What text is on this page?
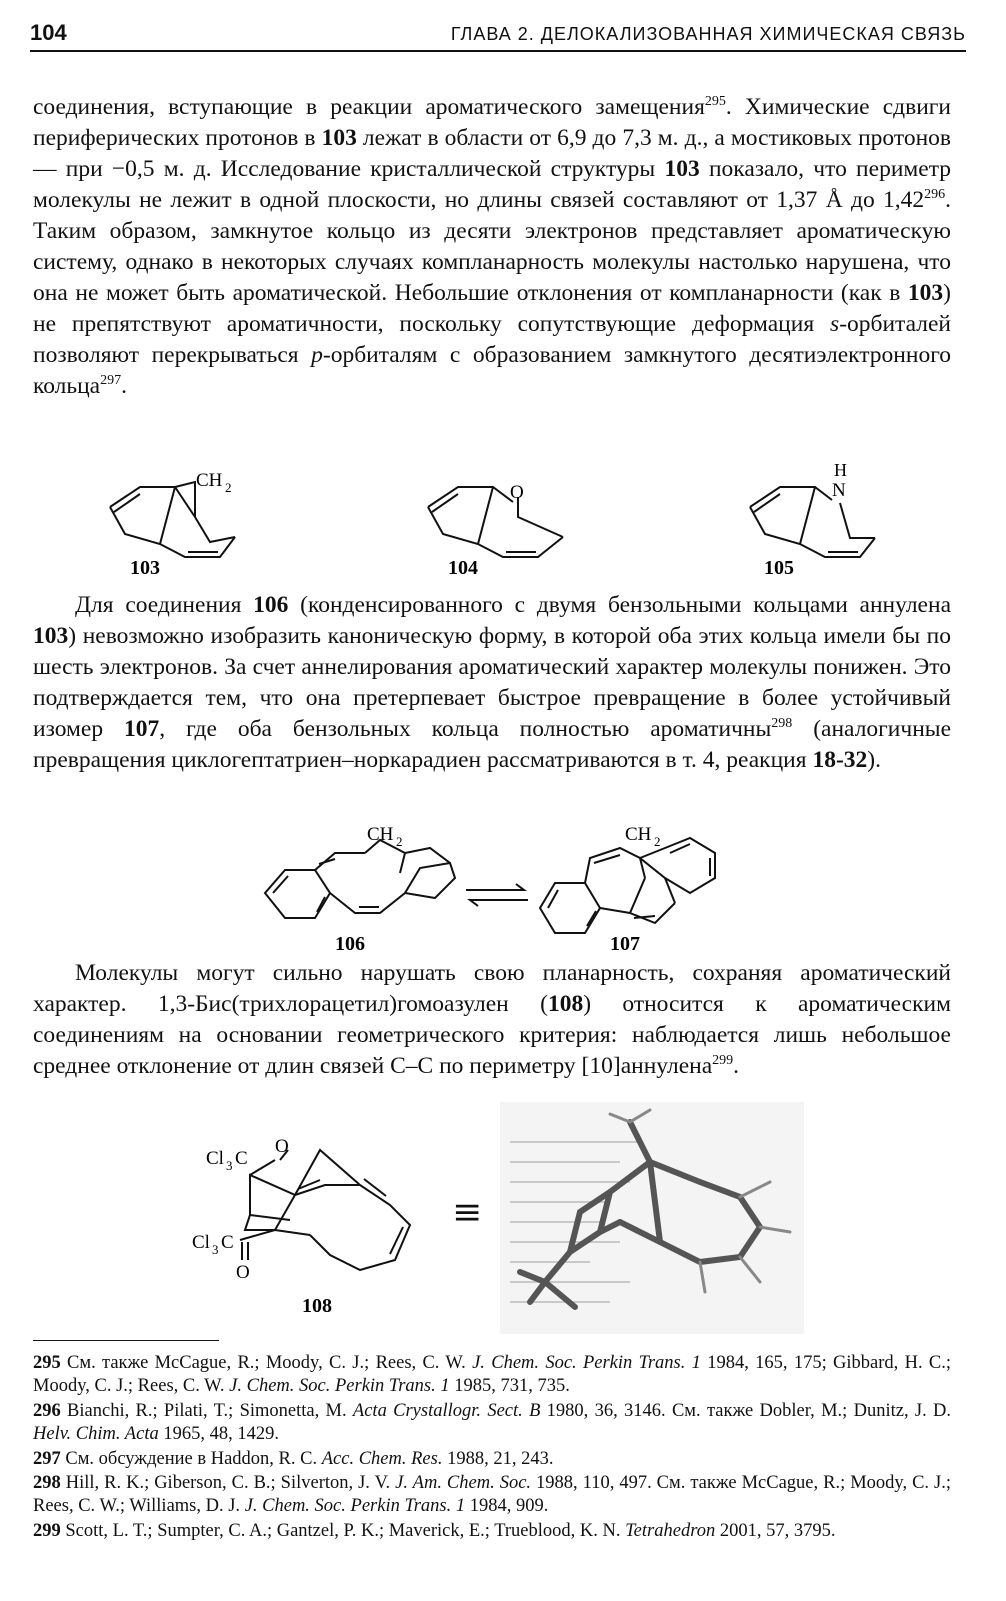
104	ГЛАВА 2. ДЕЛОКАЛИЗОВАННАЯ ХИМИЧЕСКАЯ СВЯЗЬ

соединения, вступающие в реакции ароматического замещения$^{295}$. Химические сдвиги периферических протонов в 103 лежат в области от 6,9 до 7,3 м. д., а мостиковых протонов — при −0,5 м. д. Исследование кристаллической структуры 103 показало, что периметр молекулы не лежит в одной плоскости, но длины связей составляют от 1,37 Å до 1,42$^{296}$. Таким образом, замкнутое кольцо из десяти электронов представляет ароматическую систему, однако в некоторых случаях компланарность молекулы настолько нарушена, что она не может быть ароматической. Небольшие отклонения от компланарности (как в 103) не препятствуют ароматичности, поскольку сопутствующие деформация s-орбиталей позволяют перекрываться p-орбиталям с образованием замкнутого десятиэлектронного кольца$^{297}$.

CH 2
103
O
104
H
N
105

Для соединения 106 (конденсированного с двумя бензольными кольцами аннулена 103) невозможно изобразить каноническую форму, в которой оба этих кольца имели бы по шесть электронов. За счет аннелирования ароматический характер молекулы понижен. Это подтверждается тем, что она претерпевает быстрое превращение в более устойчивый изомер 107, где оба бензольных кольца полностью ароматичны$^{298}$ (аналогичные превращения циклогептатриен–норкарадиен рассматриваются в т. 4, реакция 18-32).

CH 2
106
CH 2
107

Молекулы могут сильно нарушать свою планарность, сохраняя ароматический характер. 1,3-Бис(трихлорацетил)гомоазулен (108) относится к ароматическим соединениям на основании геометрического критерия: наблюдается лишь небольшое среднее отклонение от длин связей C–C по периметру [10]аннулена$^{299}$.

Cl 3 C
O
Cl 3 C
O
108
≡

295 См. также McCague, R.; Moody, C. J.; Rees, C. W. J. Chem. Soc. Perkin Trans. 1 1984, 165, 175; Gibbard, H. C.; Moody, C. J.; Rees, C. W. J. Chem. Soc. Perkin Trans. 1 1985, 731, 735.

296 Bianchi, R.; Pilati, T.; Simonetta, M. Acta Crystallogr. Sect. B 1980, 36, 3146. См. также Dobler, M.; Dunitz, J. D. Helv. Chim. Acta 1965, 48, 1429.

297 См. обсуждение в Haddon, R. C. Acc. Chem. Res. 1988, 21, 243.

298 Hill, R. K.; Giberson, C. B.; Silverton, J. V. J. Am. Chem. Soc. 1988, 110, 497. См. также McCague, R.; Moody, C. J.; Rees, C. W.; Williams, D. J. J. Chem. Soc. Perkin Trans. 1 1984, 909.

299 Scott, L. T.; Sumpter, C. A.; Gantzel, P. K.; Maverick, E.; Trueblood, K. N. Tetrahedron 2001, 57, 3795.
